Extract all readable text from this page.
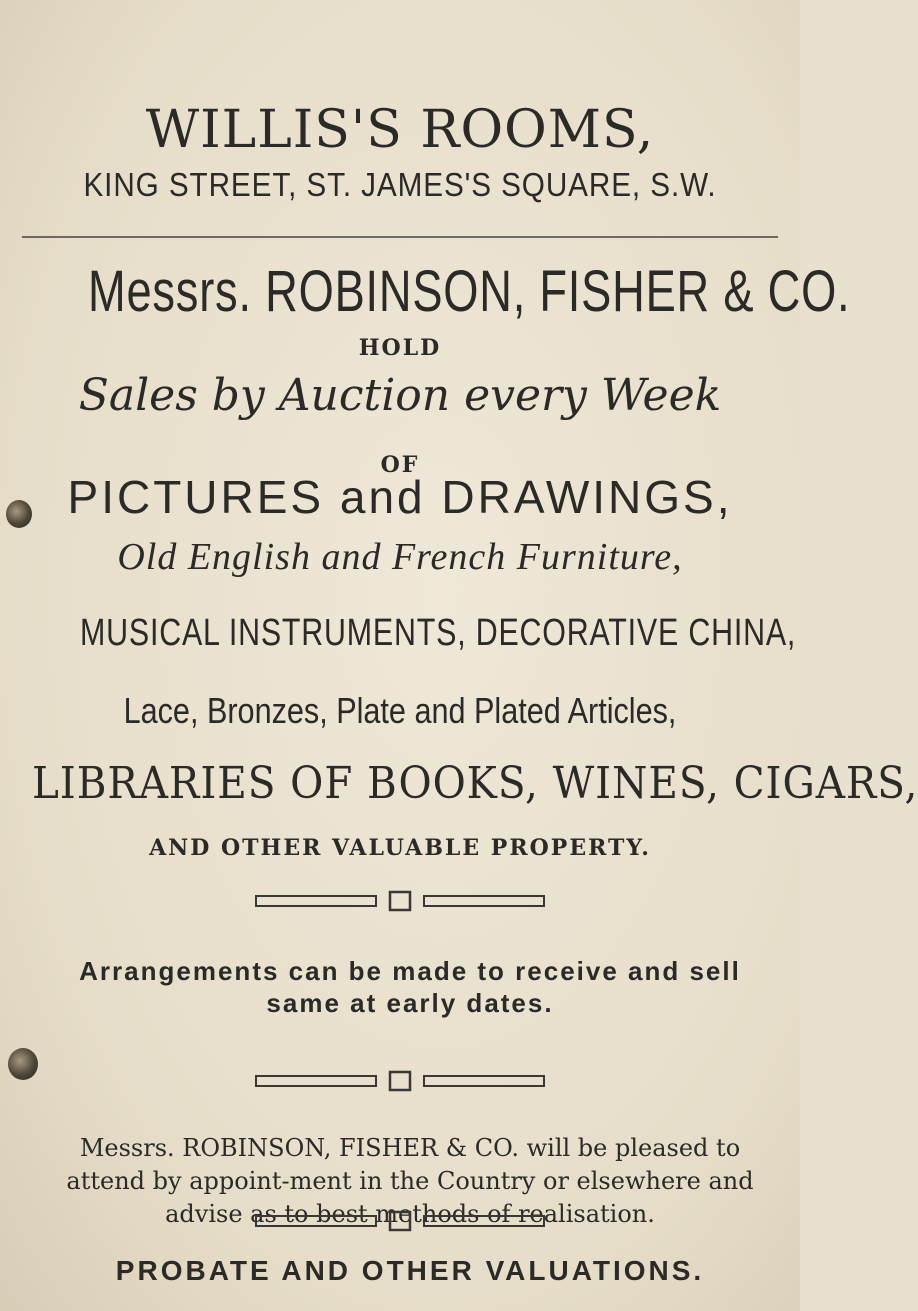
WILLIS'S ROOMS,
KING STREET, ST. JAMES'S SQUARE, S.W.
Messrs. ROBINSON, FISHER & CO.
HOLD
Sales by Auction every Week
OF
PICTURES and DRAWINGS,
Old English and French Furniture,
MUSICAL INSTRUMENTS, DECORATIVE CHINA,
Lace, Bronzes, Plate and Plated Articles,
LIBRARIES OF BOOKS, WINES, CIGARS,
AND OTHER VALUABLE PROPERTY.
Arrangements can be made to receive and sell same at early dates.
Messrs. ROBINSON, FISHER & CO. will be pleased to attend by appoint-ment in the Country or elsewhere and advise as to best methods of realisation.
PROBATE AND OTHER VALUATIONS.
